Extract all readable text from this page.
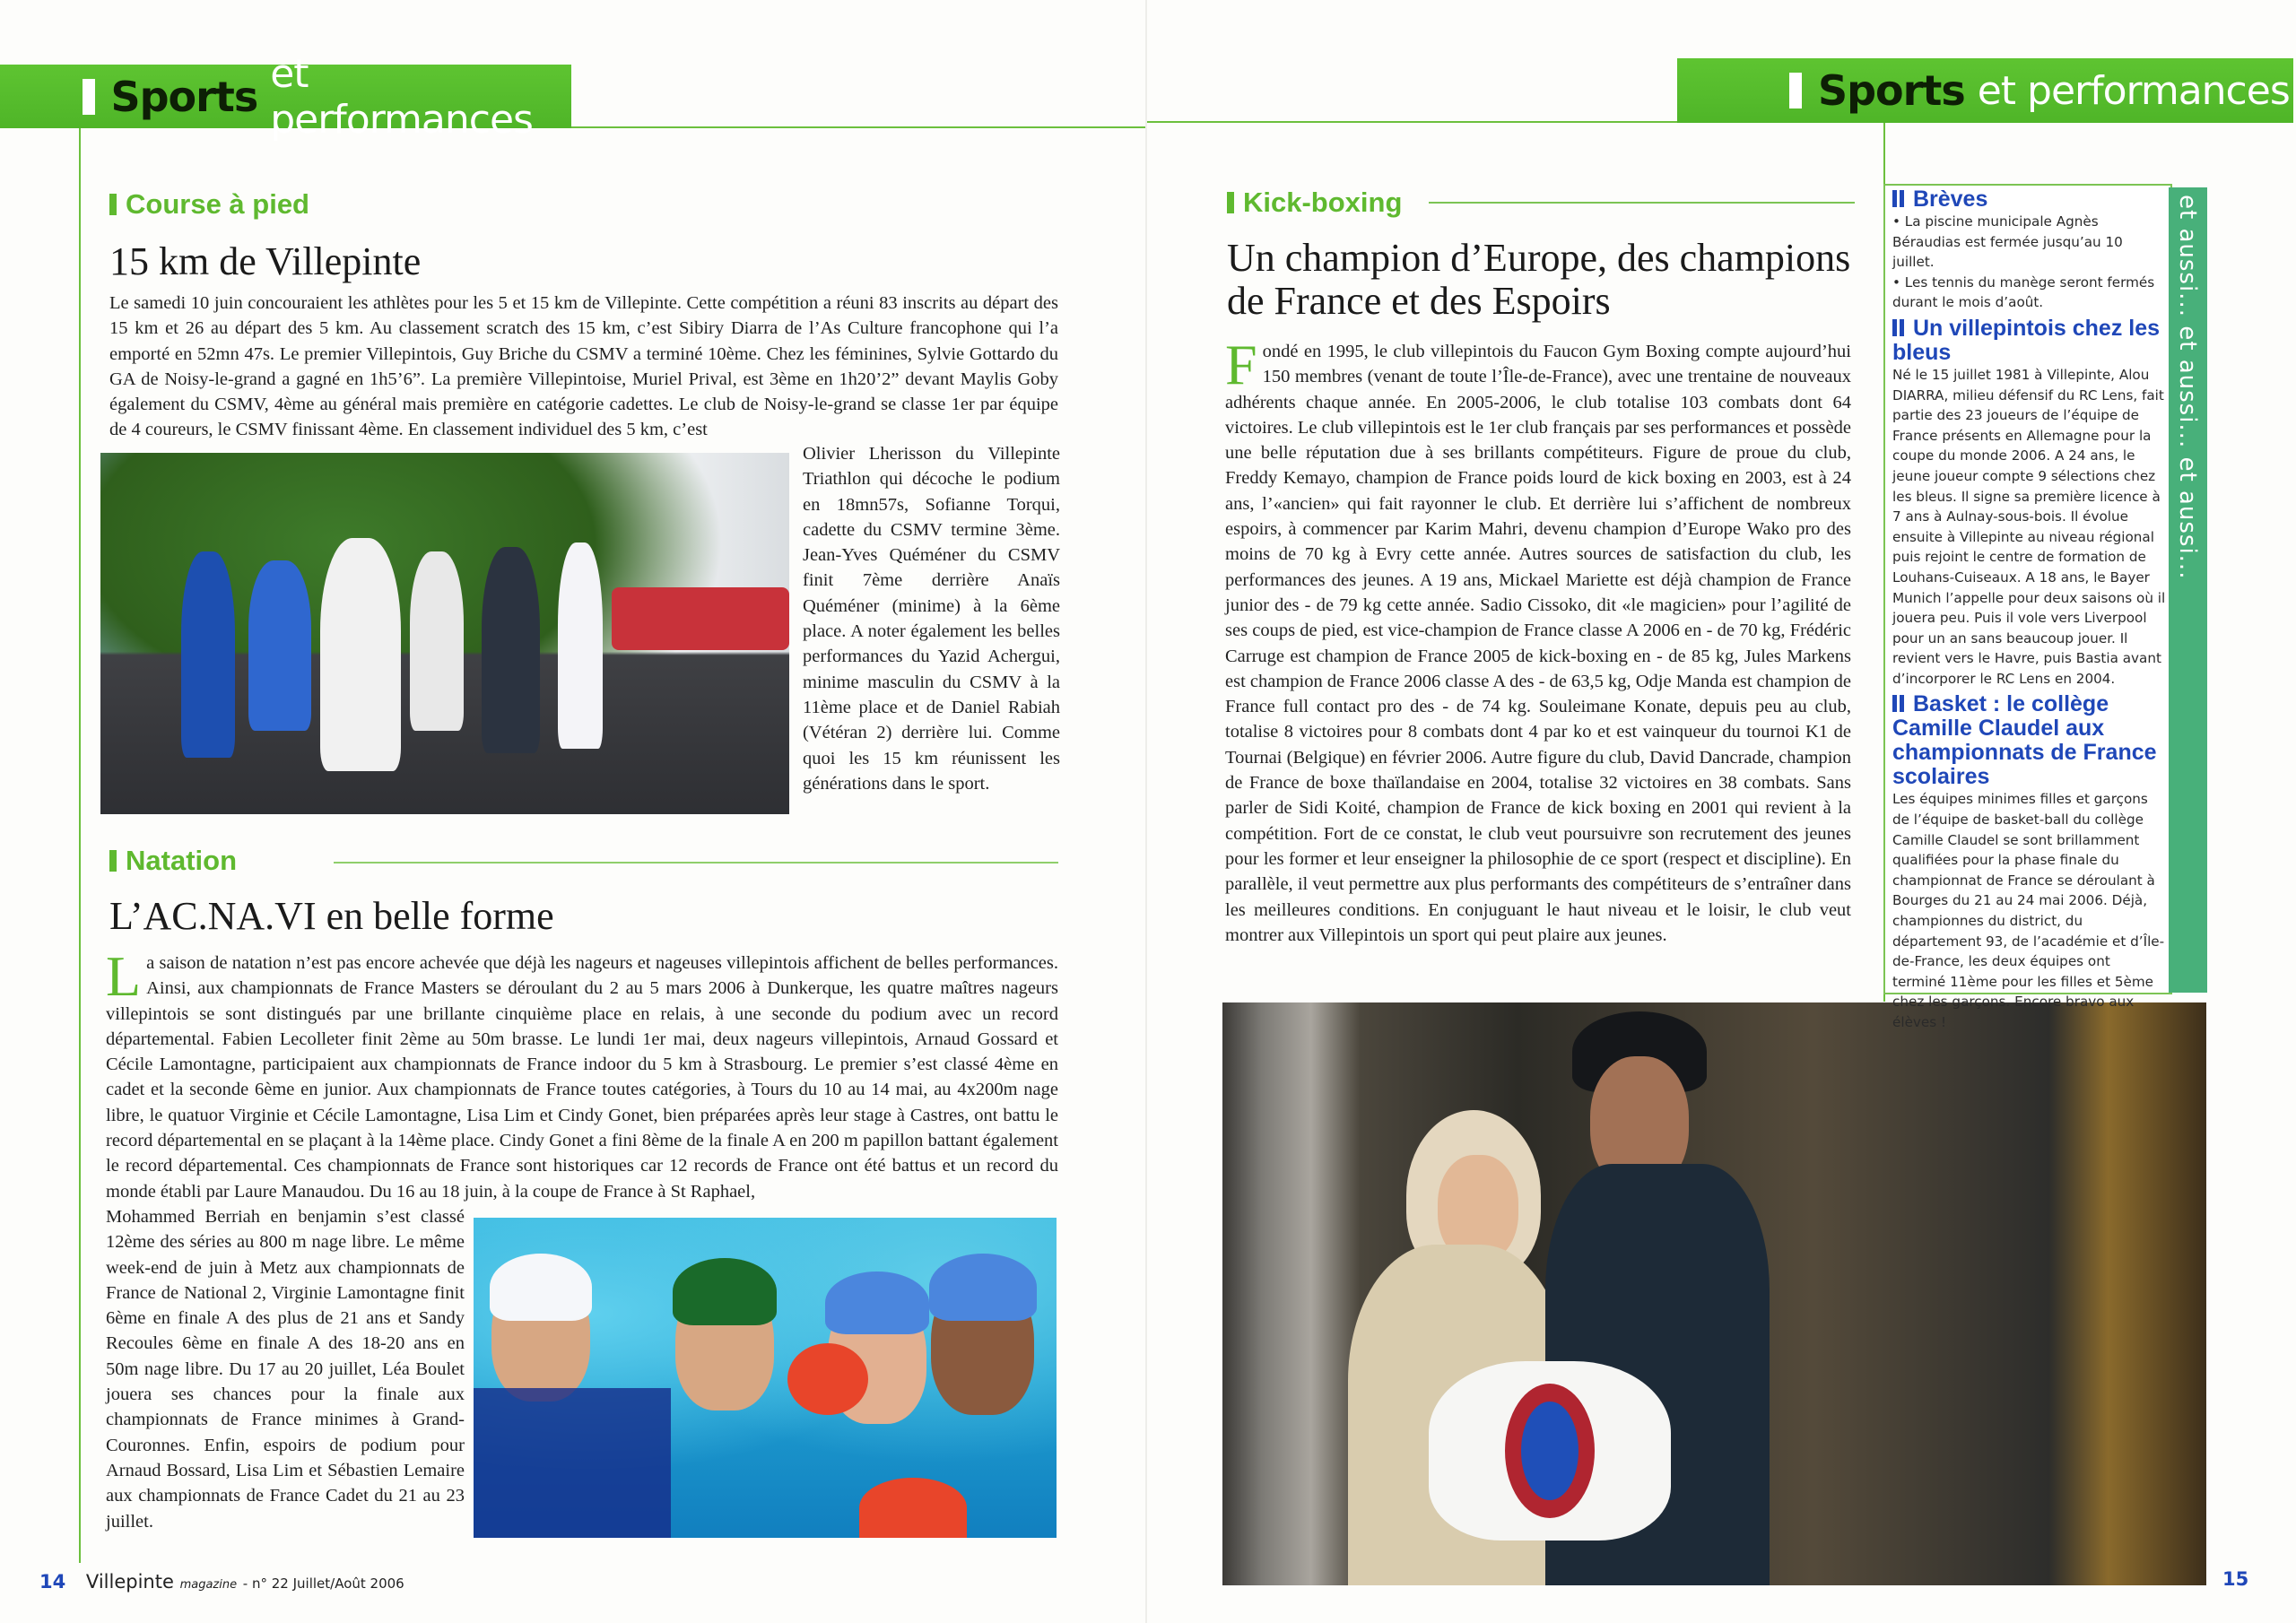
Sports et performances
Course à pied
15 km de Villepinte
Le samedi 10 juin concouraient les athlètes pour les 5 et 15 km de Villepinte. Cette compétition a réuni 83 inscrits au départ des 15 km et 26 au départ des 5 km. Au classement scratch des 15 km, c’est Sibiry Diarra de l’As Culture francophone qui l’a emporté en 52mn 47s. Le premier Villepintois, Guy Briche du CSMV a terminé 10ème. Chez les féminines, Sylvie Gottardo du GA de Noisy-le-grand a gagné en 1h5’6”. La première Villepintoise, Muriel Prival, est 3ème en 1h20’2” devant Maylis Goby également du CSMV, 4ème au général mais première en catégorie cadettes. Le club de Noisy-le-grand se classe 1er par équipe de 4 coureurs, le CSMV finissant 4ème. En classement individuel des 5 km, c’est
Olivier Lherisson du Villepinte Triathlon qui décoche le podium en 18mn57s, Sofianne Torqui, cadette du CSMV termine 3ème. Jean-Yves Quéméner du CSMV finit 7ème derrière Anaïs Quéméner (minime) à la 6ème place. A noter également les belles performances du Yazid Achergui, minime masculin du CSMV à la 11ème place et de Daniel Rabiah (Vétéran 2) derrière lui. Comme quoi les 15 km réunissent les générations dans le sport.
Natation
L’AC.NA.VI en belle forme
L a saison de natation n’est pas encore achevée que déjà les nageurs et nageuses villepintois affichent de belles performances. Ainsi, aux championnats de France Masters se déroulant du 2 au 5 mars 2006 à Dunkerque, les quatre maîtres nageurs villepintois se sont distingués par une brillante cinquième place en relais, à une seconde du podium avec un record départemental. Fabien Lecolleter finit 2ème au 50m brasse. Le lundi 1er mai, deux nageurs villepintois, Arnaud Gossard et Cécile Lamontagne, participaient aux championnats de France indoor du 5 km à Strasbourg. Le premier s’est classé 4ème en cadet et la seconde 6ème en junior. Aux championnats de France toutes catégories, à Tours du 10 au 14 mai, au 4x200m nage libre, le quatuor Virginie et Cécile Lamontagne, Lisa Lim et Cindy Gonet, bien préparées après leur stage à Castres, ont battu le record départemental en se plaçant à la 14ème place. Cindy Gonet a fini 8ème de la finale A en 200 m papillon battant également le record départemental. Ces championnats de France sont historiques car 12 records de France ont été battus et un record du monde établi par Laure Manaudou. Du 16 au 18 juin, à la coupe de France à St Raphael,
Mohammed Berriah en benjamin s’est classé 12ème des séries au 800 m nage libre. Le même week-end de juin à Metz aux championnats de France de National 2, Virginie Lamontagne finit 6ème en finale A des plus de 21 ans et Sandy Recoules 6ème en finale A des 18-20 ans en 50m nage libre. Du 17 au 20 juillet, Léa Boulet jouera ses chances pour la finale aux championnats de France minimes à Grand-Couronnes. Enfin, espoirs de podium pour Arnaud Bossard, Lisa Lim et Sébastien Lemaire aux championnats de France Cadet du 21 au 23 juillet.
14 Villepinte magazine - n° 22 Juillet/Août 2006
Sports et performances
Kick-boxing
Un champion d’Europe, des champions de France et des Espoirs
F ondé en 1995, le club villepintois du Faucon Gym Boxing compte aujourd’hui 150 membres (venant de toute l’Île-de-France), avec une trentaine de nouveaux adhérents chaque année. En 2005-2006, le club totalise 103 combats dont 64 victoires. Le club villepintois est le 1er club français par ses performances et possède une belle réputation due à ses brillants compétiteurs. Figure de proue du club, Freddy Kemayo, champion de France poids lourd de kick boxing en 2003, est à 24 ans, l’«ancien» qui fait rayonner le club. Et derrière lui s’affichent de nombreux espoirs, à commencer par Karim Mahri, devenu champion d’Europe Wako pro des moins de 70 kg à Evry cette année. Autres sources de satisfaction du club, les performances des jeunes. A 19 ans, Mickael Mariette est déjà champion de France junior des - de 79 kg cette année. Sadio Cissoko, dit «le magicien» pour l’agilité de ses coups de pied, est vice-champion de France classe A 2006 en - de 70 kg, Frédéric Carruge est champion de France 2005 de kick-boxing en - de 85 kg, Jules Markens est champion de France 2006 classe A des - de 63,5 kg, Odje Manda est champion de France full contact pro des - de 74 kg. Souleimane Konate, depuis peu au club, totalise 8 victoires pour 8 combats dont 4 par ko et est vainqueur du tournoi K1 de Tournai (Belgique) en février 2006. Autre figure du club, David Dancrade, champion de France de boxe thaïlandaise en 2004, totalise 32 victoires en 38 combats. Sans parler de Sidi Koité, champion de France de kick boxing en 2001 qui revient à la compétition. Fort de ce constat, le club veut poursuivre son recrutement des jeunes pour les former et leur enseigner la philosophie de ce sport (respect et discipline). En parallèle, il veut permettre aux plus performants des compétiteurs de s’entraîner dans les meilleures conditions. En conjuguant le haut niveau et le loisir, le club veut montrer aux Villepintois un sport qui peut plaire aux jeunes.
Brèves
• La piscine municipale Agnès Béraudias est fermée jusqu’au 10 juillet.
• Les tennis du manège seront fermés durant le mois d’août.
Un villepintois chez les bleus
Né le 15 juillet 1981 à Villepinte, Alou DIARRA, milieu défensif du RC Lens, fait partie des 23 joueurs de l’équipe de France présents en Allemagne pour la coupe du monde 2006. A 24 ans, le jeune joueur compte 9 sélections chez les bleus. Il signe sa première licence à 7 ans à Aulnay-sous-bois. Il évolue ensuite à Villepinte au niveau régional puis rejoint le centre de formation de Louhans-Cuiseaux. A 18 ans, le Bayer Munich l’appelle pour deux saisons où il jouera peu. Puis il vole vers Liverpool pour un an sans beaucoup jouer. Il revient vers le Havre, puis Bastia avant d’incorporer le RC Lens en 2004.
Basket : le collège Camille Claudel aux championnats de France scolaires
Les équipes minimes filles et garçons de l’équipe de basket-ball du collège Camille Claudel se sont brillamment qualifiées pour la phase finale du championnat de France se déroulant à Bourges du 21 au 24 mai 2006. Déjà, championnes du district, du département 93, de l’académie et d’Île-de-France, les deux équipes ont terminé 11ème pour les filles et 5ème chez les garçons. Encore bravo aux élèves !
et aussi... et aussi... et aussi...
15
